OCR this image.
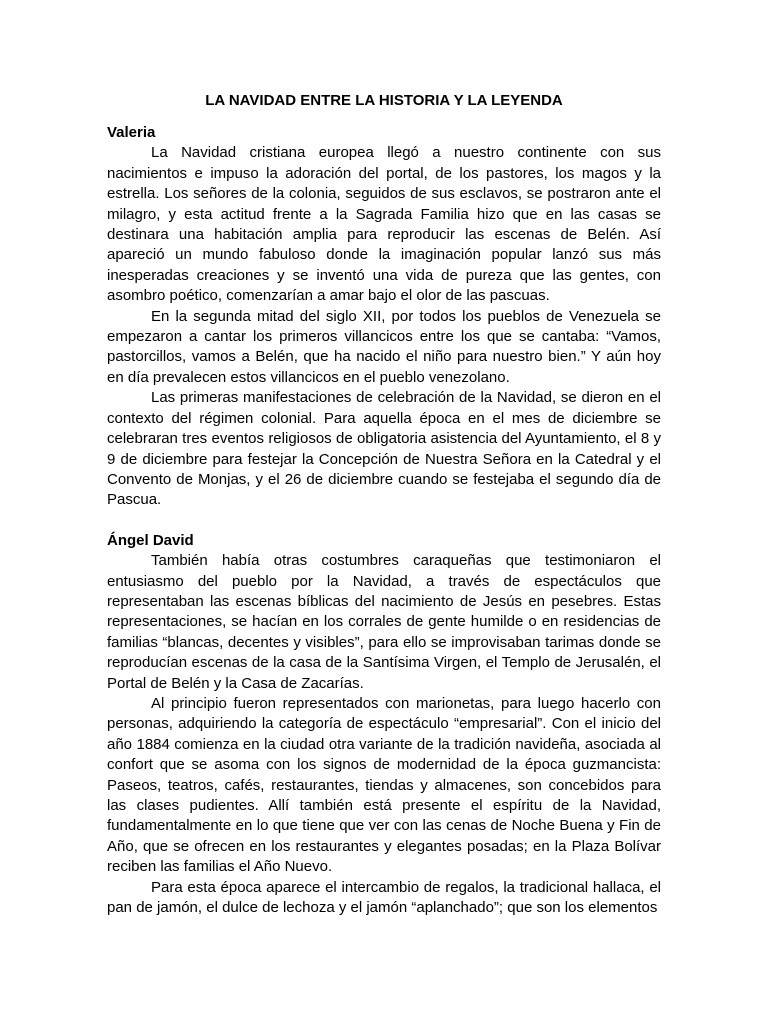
LA NAVIDAD ENTRE LA HISTORIA Y LA LEYENDA

Valeria

La Navidad cristiana europea llegó a nuestro continente con sus nacimientos e impuso la adoración del portal, de los pastores, los magos y la estrella. Los señores de la colonia, seguidos de sus esclavos, se postraron ante el milagro, y esta actitud frente a la Sagrada Familia hizo que en las casas se destinara una habitación amplia para reproducir las escenas de Belén. Así apareció un mundo fabuloso donde la imaginación popular lanzó sus más inesperadas creaciones y se inventó una vida de pureza que las gentes, con asombro poético, comenzarían a amar bajo el olor de las pascuas.

En la segunda mitad del siglo XII, por todos los pueblos de Venezuela se empezaron a cantar los primeros villancicos entre los que se cantaba: “Vamos, pastorcillos, vamos a Belén, que ha nacido el niño para nuestro bien.” Y aún hoy en día prevalecen estos villancicos en el pueblo venezolano.

Las primeras manifestaciones de celebración de la Navidad, se dieron en el contexto del régimen colonial. Para aquella época en el mes de diciembre se celebraran tres eventos religiosos de obligatoria asistencia del Ayuntamiento, el 8 y 9 de diciembre para festejar la Concepción de Nuestra Señora en la Catedral y el Convento de Monjas, y el 26 de diciembre cuando se festejaba el segundo día de Pascua.

Ángel David

También había otras costumbres caraqueñas que testimoniaron el entusiasmo del pueblo por la Navidad, a través de espectáculos que representaban las escenas bíblicas del nacimiento de Jesús en pesebres. Estas representaciones, se hacían en los corrales de gente humilde o en residencias de familias “blancas, decentes y visibles”, para ello se improvisaban tarimas donde se reproducían escenas de la casa de la Santísima Virgen, el Templo de Jerusalén, el Portal de Belén y la Casa de Zacarías.

Al principio fueron representados con marionetas, para luego hacerlo con personas, adquiriendo la categoría de espectáculo “empresarial”. Con el inicio del año 1884 comienza en la ciudad otra variante de la tradición navideña, asociada al confort que se asoma con los signos de modernidad de la época guzmancista: Paseos, teatros, cafés, restaurantes, tiendas y almacenes, son concebidos para las clases pudientes. Allí también está presente el espíritu de la Navidad, fundamentalmente en lo que tiene que ver con las cenas de Noche Buena y Fin de Año, que se ofrecen en los restaurantes y elegantes posadas; en la Plaza Bolívar reciben las familias el Año Nuevo.

Para esta época aparece el intercambio de regalos, la tradicional hallaca, el pan de jamón, el dulce de lechoza y el jamón “aplanchado”; que son los elementos
